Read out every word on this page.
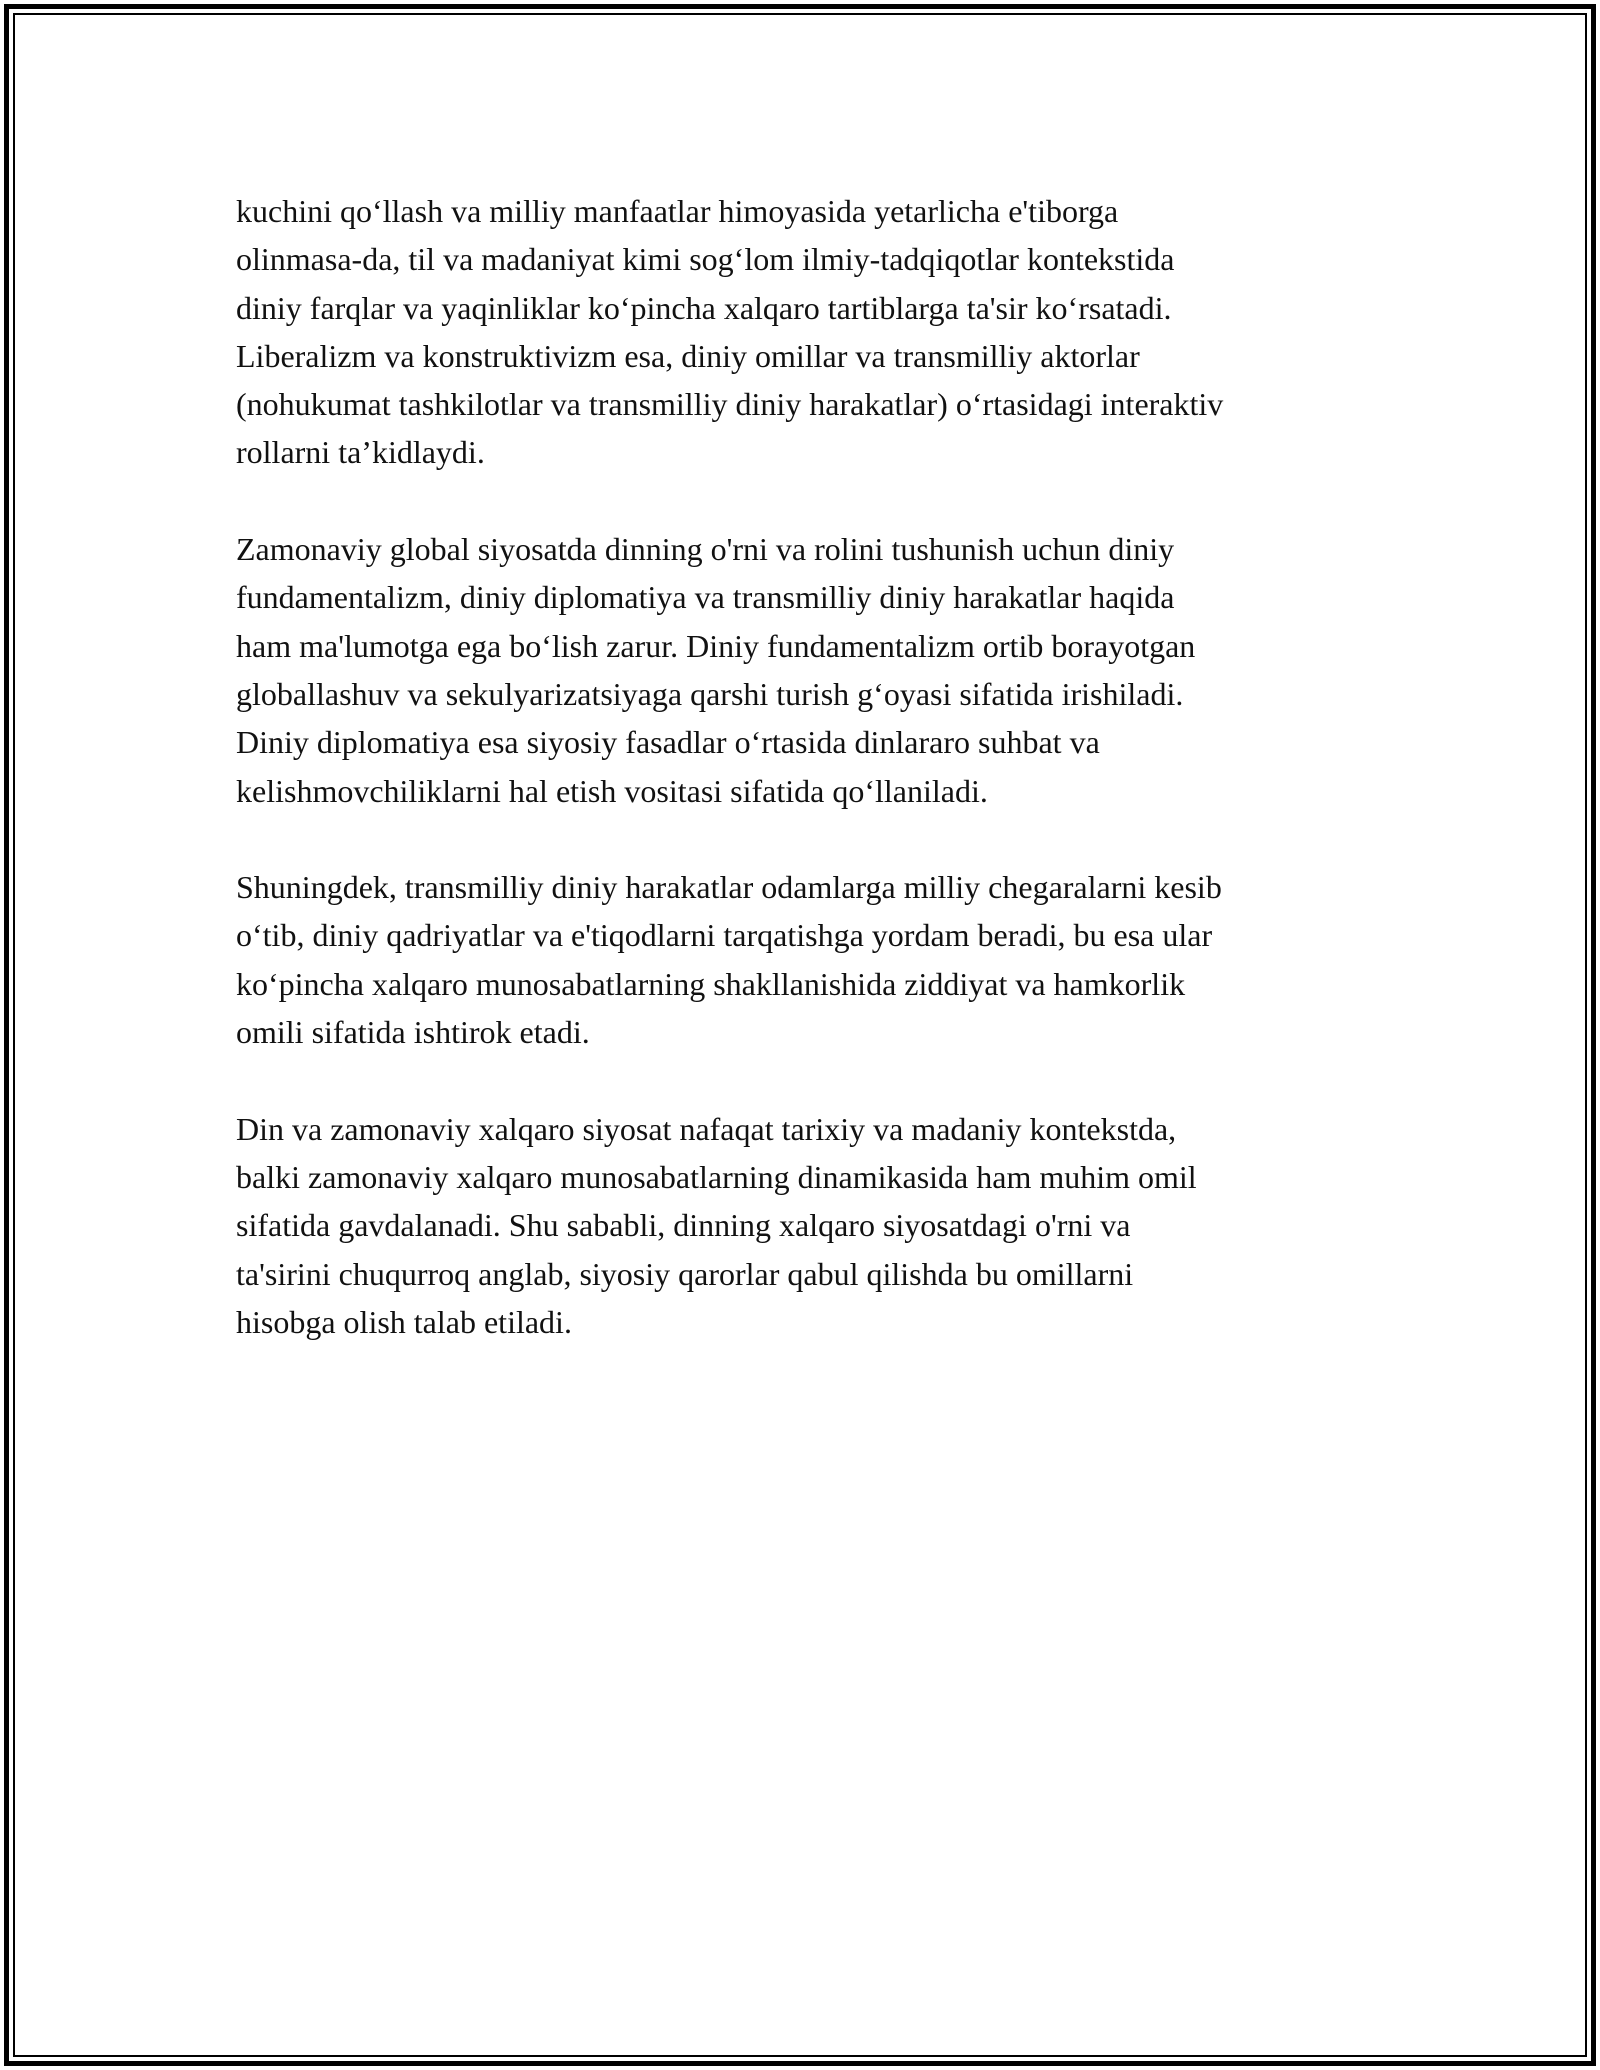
kuchini qoʻllash va milliy manfaatlar himoyasida yetarlicha e'tiborga
olinmasa-da, til va madaniyat kimi sogʻlom ilmiy-tadqiqotlar kontekstida
diniy farqlar va yaqinliklar koʻpincha xalqaro tartiblarga ta'sir koʻrsatadi.
Liberalizm va konstruktivizm esa, diniy omillar va transmilliy aktorlar
(nohukumat tashkilotlar va transmilliy diniy harakatlar) oʻrtasidagi interaktiv
rollarni ta’kidlaydi.
Zamonaviy global siyosatda dinning o'rni va rolini tushunish uchun diniy
fundamentalizm, diniy diplomatiya va transmilliy diniy harakatlar haqida
ham ma'lumotga ega boʻlish zarur. Diniy fundamentalizm ortib borayotgan
globallashuv va sekulyarizatsiyaga qarshi turish gʻoyasi sifatida irishiladi.
Diniy diplomatiya esa siyosiy fasadlar oʻrtasida dinlararo suhbat va
kelishmovchiliklarni hal etish vositasi sifatida qoʻllaniladi.
Shuningdek, transmilliy diniy harakatlar odamlarga milliy chegaralarni kesib
oʻtib, diniy qadriyatlar va e'tiqodlarni tarqatishga yordam beradi, bu esa ular
koʻpincha xalqaro munosabatlarning shakllanishida ziddiyat va hamkorlik
omili sifatida ishtirok etadi.
Din va zamonaviy xalqaro siyosat nafaqat tarixiy va madaniy kontekstda,
balki zamonaviy xalqaro munosabatlarning dinamikasida ham muhim omil
sifatida gavdalanadi. Shu sababli, dinning xalqaro siyosatdagi o'rni va
ta'sirini chuqurroq anglab, siyosiy qarorlar qabul qilishda bu omillarni
hisobga olish talab etiladi.
